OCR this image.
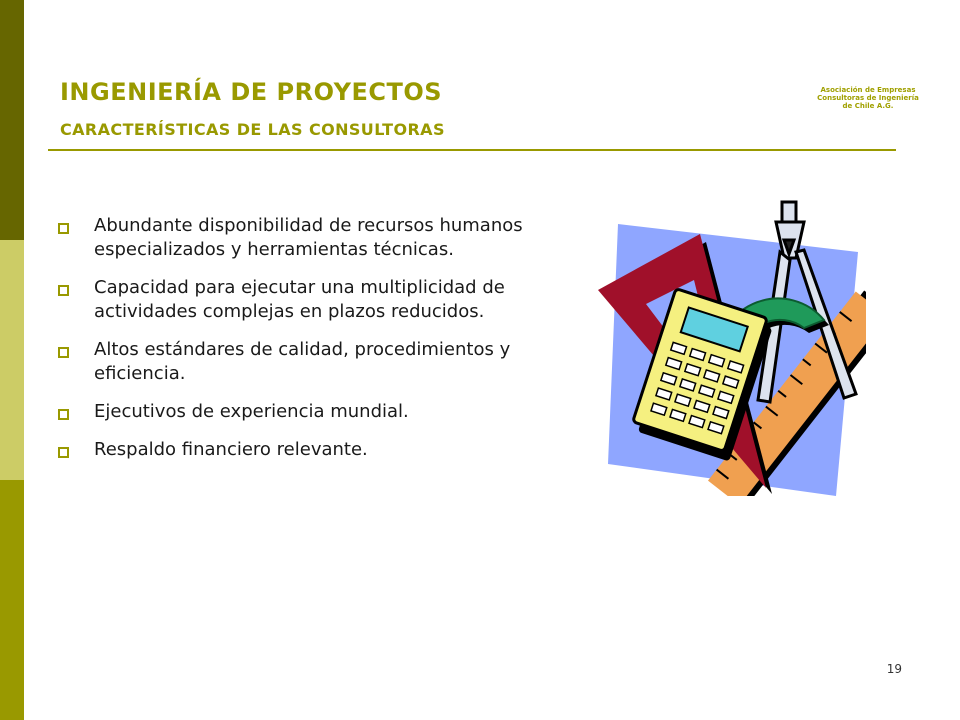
INGENIERÍA DE PROYECTOS
CARACTERÍSTICAS DE LAS CONSULTORAS
Asociación de Empresas
Consultoras de Ingeniería
de Chile A.G.
Abundante disponibilidad de recursos humanos especializados y herramientas técnicas.
Capacidad para ejecutar una multiplicidad de actividades complejas en plazos reducidos.
Altos estándares de calidad, procedimientos y eficiencia.
Ejecutivos de experiencia mundial.
Respaldo financiero relevante.
19
